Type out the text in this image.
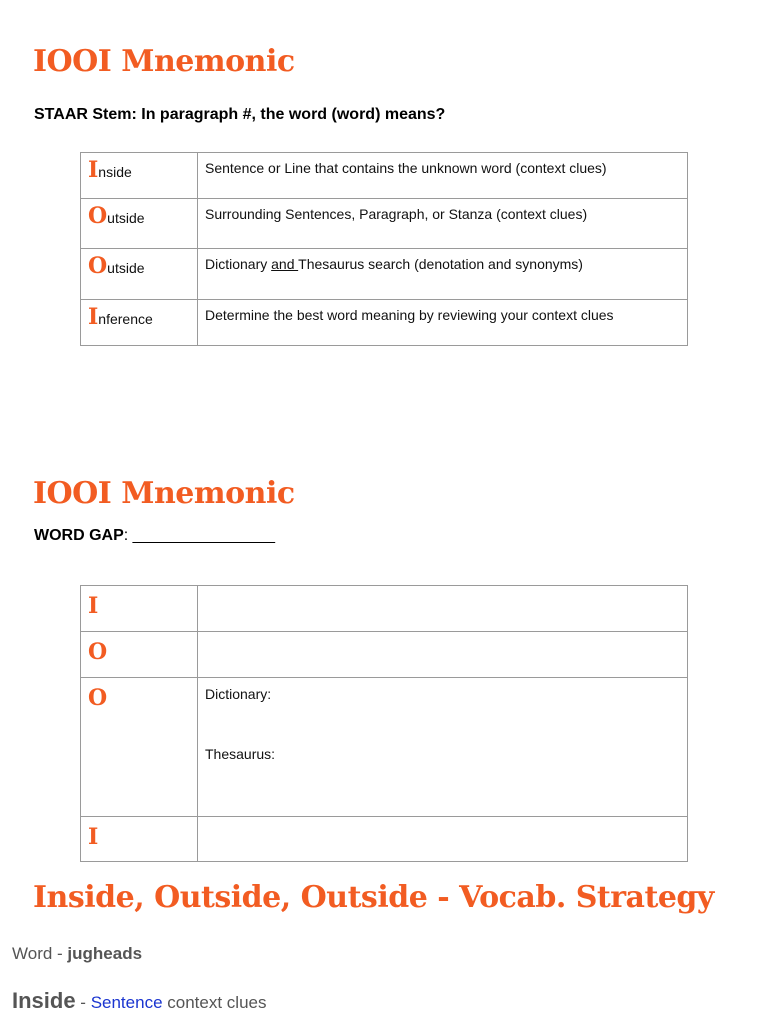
IOOI Mnemonic
STAAR Stem: In paragraph #, the word (word) means?
Inside	Sentence or Line that contains the unknown word (context clues)

Outside	Surrounding Sentences, Paragraph, or Stanza (context clues)

Outside	Dictionary and Thesaurus search (denotation and synonyms)

Inference	Determine the best word meaning by reviewing your context clues
IOOI Mnemonic
WORD GAP: ________________
I	

O	

O	Dictionary:
Thesaurus:

I	

Inside, Outside, Outside - Vocab. Strategy
Word - jugheads
Inside - Sentence context clues
